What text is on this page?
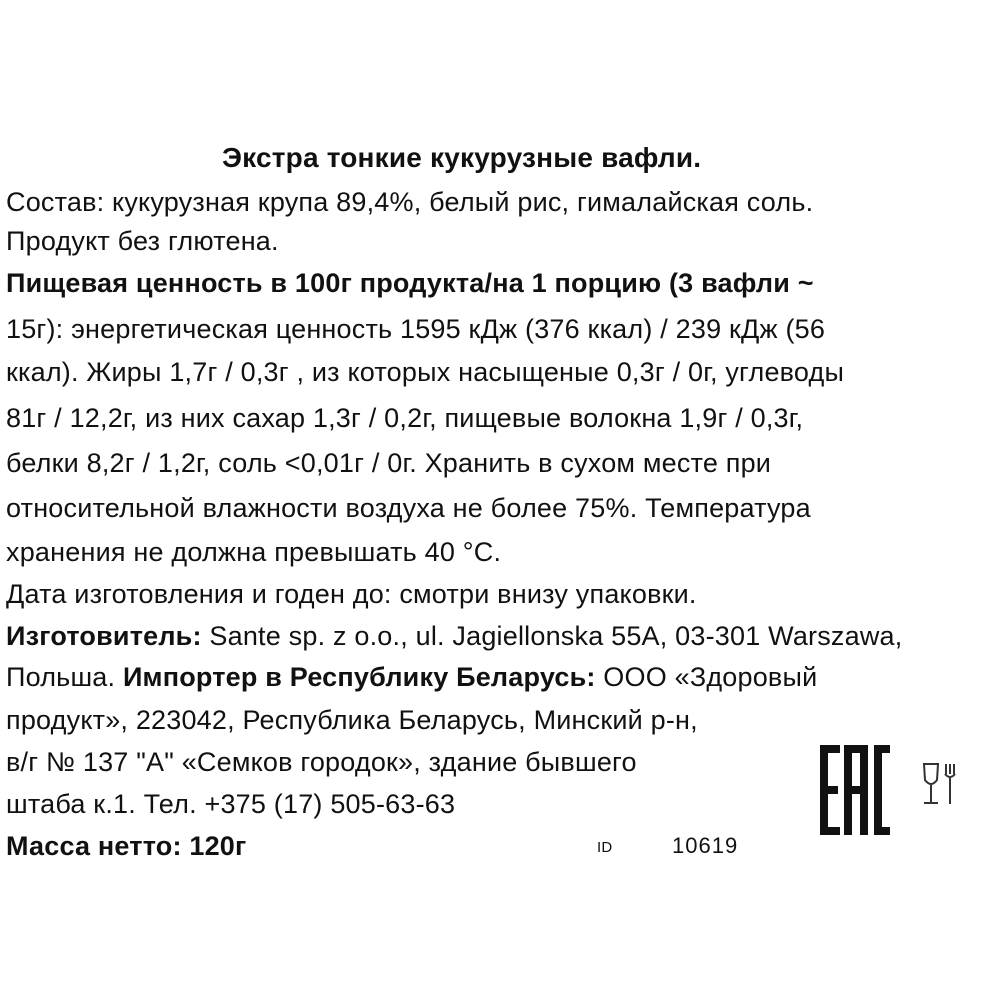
Экстра тонкие кукурузные вафли.
Состав: кукурузная крупа 89,4%, белый рис, гималайская соль.
Продукт без глютена.
Пищевая ценность в 100г продукта/на 1 порцию (3 вафли ~
15г): энергетическая ценность 1595 кДж (376 ккал) / 239 кДж (56
ккал). Жиры 1,7г / 0,3г , из которых насыщеные 0,3г / 0г, углеводы
81г / 12,2г, из них сахар 1,3г / 0,2г, пищевые волокна 1,9г / 0,3г,
белки 8,2г / 1,2г, соль <0,01г / 0г. Хранить в сухом месте при
относительной влажности воздуха не более 75%. Температура
хранения не должна превышать 40 °С.
Дата изготовления и годен до: смотри внизу упаковки.
Изготовитель: Sante sp. z o.o., ul. Jagiellonska 55A, 03-301 Warszawa,
Польша. Импортер в Республику Беларусь: ООО «Здоровый
продукт», 223042, Республика Беларусь, Минский р-н,
в/г № 137 "А" «Семков городок», здание бывшего
штаба к.1. Тел. +375 (17) 505-63-63
Масса нетто: 120г	ID	10619
